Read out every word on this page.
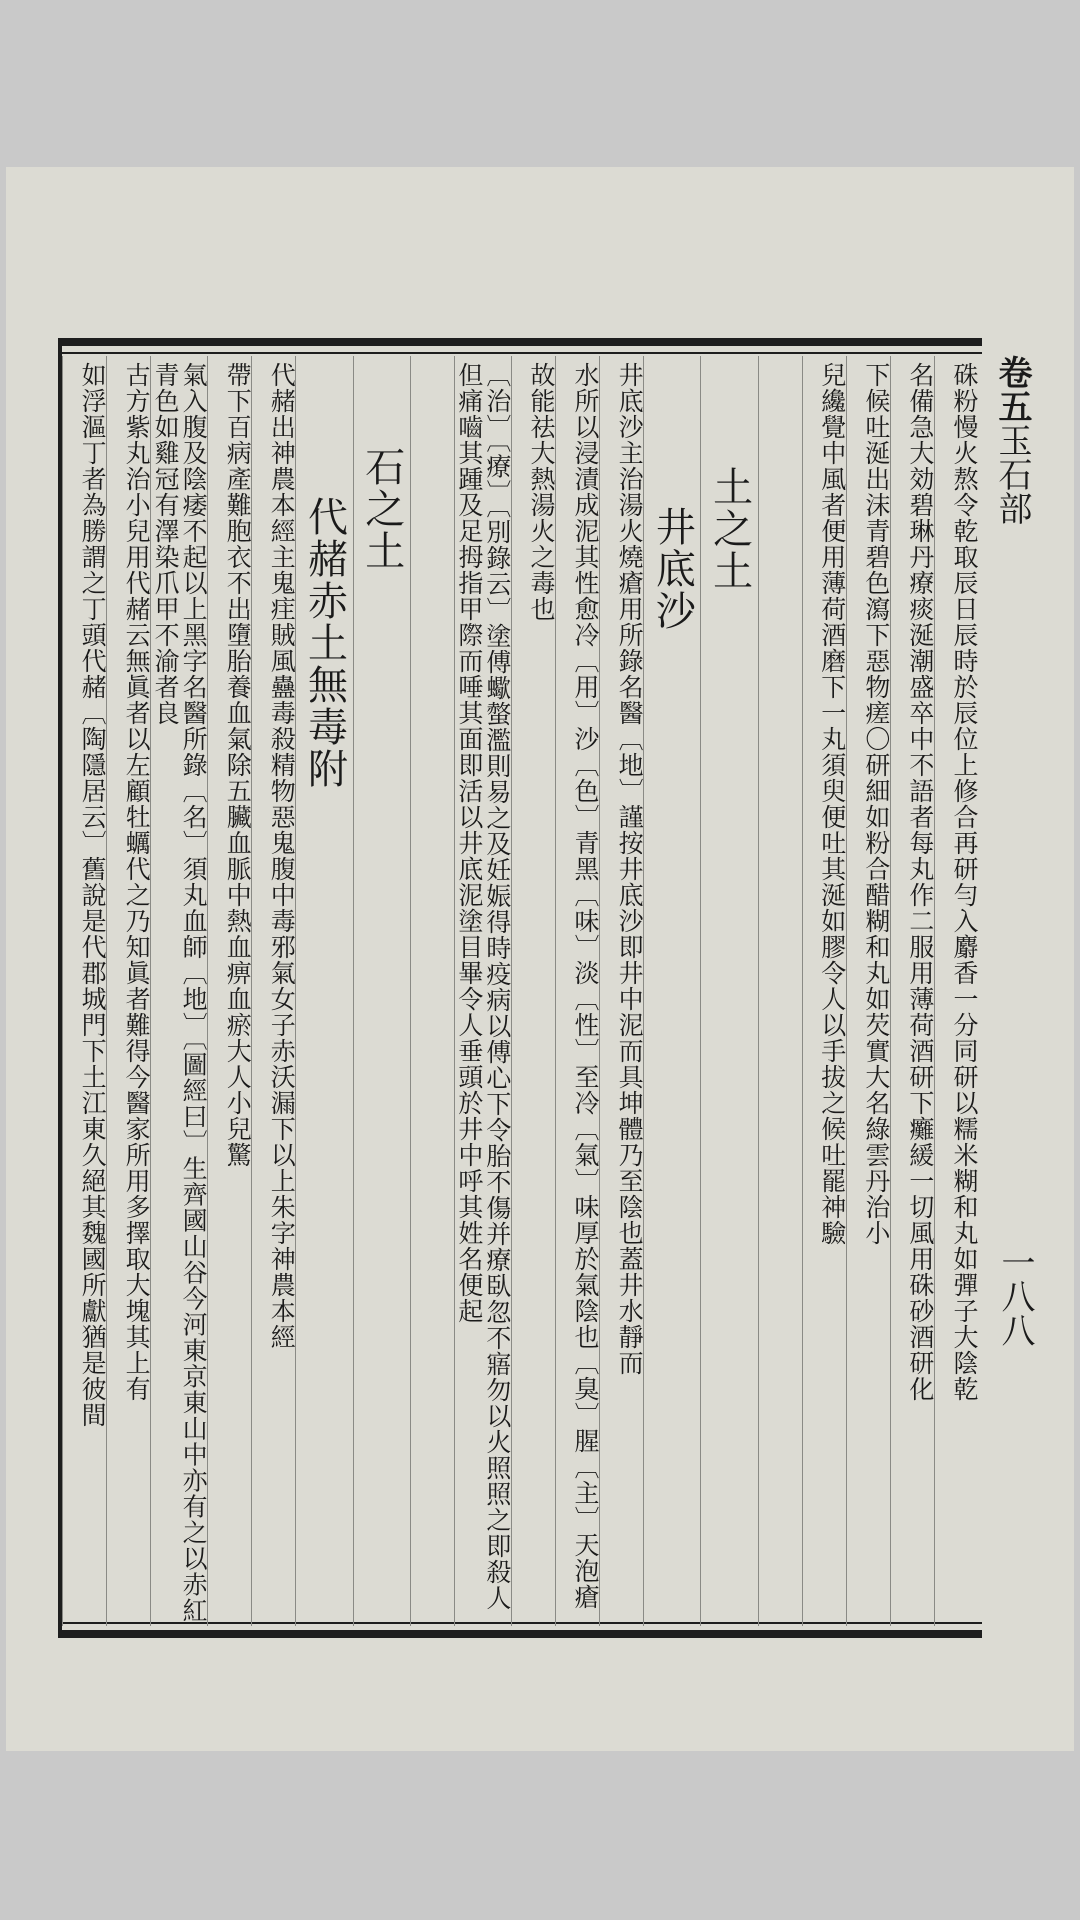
卷五玉石部
一八八
硃粉慢火熬令乾取辰日辰時於辰位上修合再研勻入麝香一分同研以糯米糊和丸如彈子大陰乾
名備急大効碧琳丹療痰涎潮盛卒中不語者每丸作二服用薄荷酒研下癱緩一切風用硃砂酒研化
下候吐涎出沫青碧色瀉下惡物瘥〇研細如粉合醋糊和丸如芡實大名綠雲丹治小
兒纔覺中風者便用薄荷酒磨下一丸須臾便吐其涎如膠令人以手拔之候吐罷神驗
土之土
井底沙
井底沙主治湯火燒瘡用所錄名醫〔地〕謹按井底沙即井中泥而具坤體乃至陰也蓋井水靜而
水所以浸漬成泥其性愈冷〔用〕沙〔色〕青黑〔味〕淡〔性〕至冷〔氣〕味厚於氣陰也〔臭〕腥〔主〕天泡瘡
故能祛大熱湯火之毒也
〔治〕〔療〕〔別錄云〕塗傅蠍螫濫則易之及妊娠得時疫病以傅心下令胎不傷并療臥忽不寤勿以火照照之即殺人但痛嚙其踵及足拇指甲際而唾其面即活以井底泥塗目畢令人垂頭於井中呼其姓名便起
石之土
代赭赤土無毒附
代赭出神農本經主鬼疰賊風蠱毒殺精物惡鬼腹中毒邪氣女子赤沃漏下以上朱字神農本經
帶下百病產難胞衣不出墮胎養血氣除五臟血脈中熱血痹血瘀大人小兒驚
氣入腹及陰痿不起以上黑字名醫所錄〔名〕須丸血師〔地〕〔圖經曰〕生齊國山谷今河東京東山中亦有之以赤紅青色如雞冠有澤染爪甲不渝者良
古方紫丸治小兒用代赭云無眞者以左顧牡蠣代之乃知眞者難得今醫家所用多擇取大塊其上有
如浮漚丁者為勝謂之丁頭代赭〔陶隱居云〕舊說是代郡城門下土江東久絕其魏國所獻猶是彼間
